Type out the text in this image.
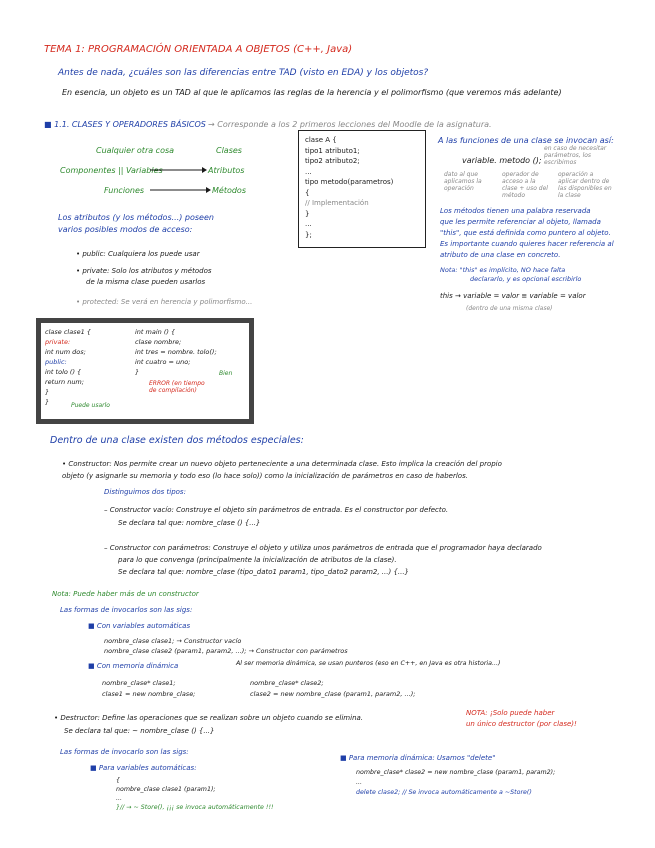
TEMA 1: PROGRAMACIÓN ORIENTADA A OBJETOS (C++, Java)
Antes de nada, ¿cuáles son las diferencias entre TAD (visto en EDA) y los objetos?
En esencia, un objeto es un TAD al que le aplicamos las reglas de la herencia y el polimorfismo (que veremos más adelante)
■ 1.1. CLASES Y OPERADORES BÁSICOS → Corresponde a los 2 primeros lecciones del Moodle de la asignatura.
Cualquier otra cosa	Clases
Componentes || Variables	Atributos
Funciones	Métodos
clase A {
tipo1 atributo1;
tipo2 atributo2;
...
tipo metodo(parametros)
{
// Implementación
}
...
};
A las funciones de una clase se invocan así:
variable. metodo ();
en caso de necesitar parámetros, los escribimos
dato al que aplicamos la operación
operador de acceso a la clase + uso del método
operación a aplicar dentro de las disponibles en la clase
Los métodos tienen una palabra reservada
que les permite referenciar al objeto, llamada
"this", que está definida como puntero al objeto.
Es importante cuando quieres hacer referencia al
atributo de una clase en concreto.
Nota: "this" es implícito, NO hace falta
declararlo, y es opcional escribirlo
this → variable = valor ≡ variable = valor
(dentro de una misma clase)
Los atributos (y los métodos...) poseen
varios posibles modos de acceso:
• public: Cualquiera los puede usar
• private: Solo los atributos y métodos
de la misma clase pueden usarlos
• protected: Se verá en herencia y polimorfismo...
clase clase1 {
private:
int num dos;
public:
int tolo () {
return num;
}
}	Puede usarlo
int main () {
clase nombre;
int tres = nombre. tolo();
int cuatro = uno;
}
ERROR (en tiempo de compilación)
Bien
Dentro de una clase existen dos métodos especiales:
• Constructor: Nos permite crear un nuevo objeto perteneciente a una determinada clase. Esto implica la creación del propio
objeto (y asignarle su memoria y todo eso (lo hace solo)) como la inicialización de parámetros en caso de haberlos.
Distinguimos dos tipos:
– Constructor vacío: Construye el objeto sin parámetros de entrada. Es el constructor por defecto.
Se declara tal que: nombre_clase () {...}
– Constructor con parámetros: Construye el objeto y utiliza unos parámetros de entrada que el programador haya declarado
para lo que convenga (principalmente la inicialización de atributos de la clase).
Se declara tal que: nombre_clase (tipo_dato1 param1, tipo_dato2 param2, ...) {...}
Nota: Puede haber más de un constructor
Las formas de invocarlos son las sigs:
■ Con variables automáticas
nombre_clase clase1; → Constructor vacío
nombre_clase clase2 (param1, param2, ...); → Constructor con parámetros
■ Con memoria dinámica	Al ser memoria dinámica, se usan punteros (eso en C++, en Java es otra historia...)
nombre_clase* clase1;
clase1 = new nombre_clase;
nombre_clase* clase2;
clase2 = new nombre_clase (param1, param2, ...);
• Destructor: Define las operaciones que se realizan sobre un objeto cuando se elimina.
Se declara tal que: ~ nombre_clase () {...}
NOTA: ¡Solo puede haber
un único destructor (por clase)!
Las formas de invocarlo son las sigs:
■ Para variables automáticas:
{
nombre_clase clase1 (param1);
...
}// → ~ Store(), ¡¡¡ se invoca automáticamente !!!
■ Para memoria dinámica: Usamos "delete"
nombre_clase* clase2 = new nombre_clase (param1, param2);
...
delete clase2; // Se invoca automáticamente a ~Store()
